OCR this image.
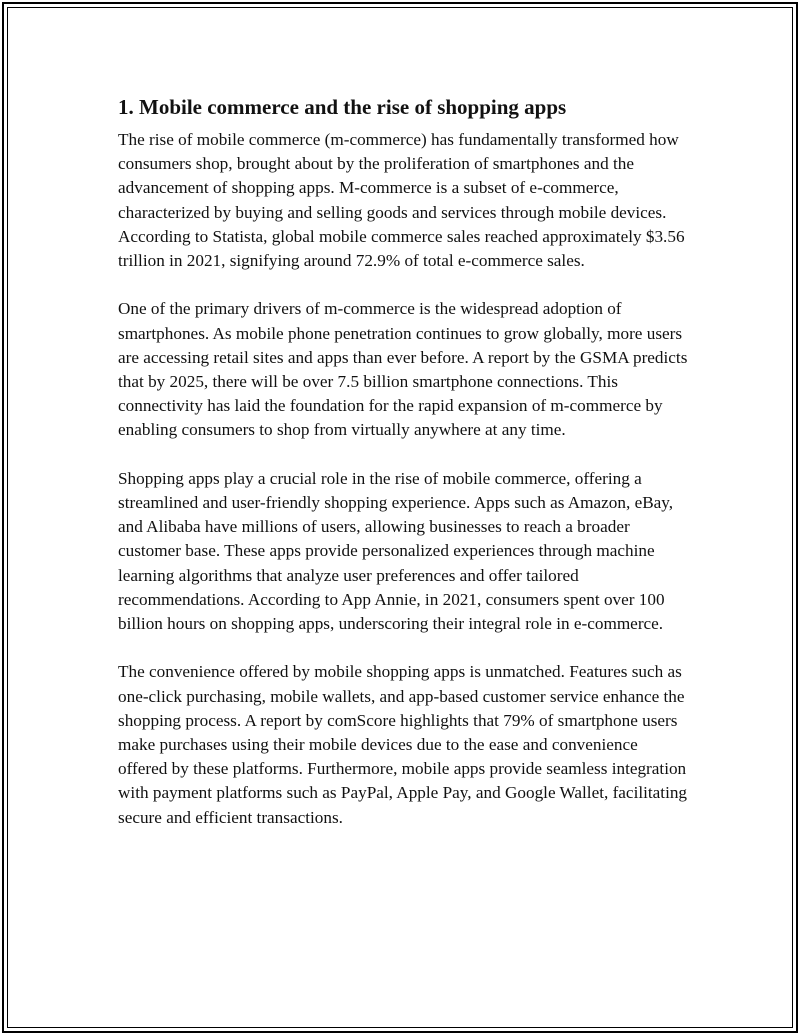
1. Mobile commerce and the rise of shopping apps

The rise of mobile commerce (m-commerce) has fundamentally transformed how consumers shop, brought about by the proliferation of smartphones and the advancement of shopping apps. M-commerce is a subset of e-commerce, characterized by buying and selling goods and services through mobile devices. According to Statista, global mobile commerce sales reached approximately $3.56 trillion in 2021, signifying around 72.9% of total e-commerce sales.

One of the primary drivers of m-commerce is the widespread adoption of smartphones. As mobile phone penetration continues to grow globally, more users are accessing retail sites and apps than ever before. A report by the GSMA predicts that by 2025, there will be over 7.5 billion smartphone connections. This connectivity has laid the foundation for the rapid expansion of m-commerce by enabling consumers to shop from virtually anywhere at any time.

Shopping apps play a crucial role in the rise of mobile commerce, offering a streamlined and user-friendly shopping experience. Apps such as Amazon, eBay, and Alibaba have millions of users, allowing businesses to reach a broader customer base. These apps provide personalized experiences through machine learning algorithms that analyze user preferences and offer tailored recommendations. According to App Annie, in 2021, consumers spent over 100 billion hours on shopping apps, underscoring their integral role in e-commerce.

The convenience offered by mobile shopping apps is unmatched. Features such as one-click purchasing, mobile wallets, and app-based customer service enhance the shopping process. A report by comScore highlights that 79% of smartphone users make purchases using their mobile devices due to the ease and convenience offered by these platforms. Furthermore, mobile apps provide seamless integration with payment platforms such as PayPal, Apple Pay, and Google Wallet, facilitating secure and efficient transactions.
